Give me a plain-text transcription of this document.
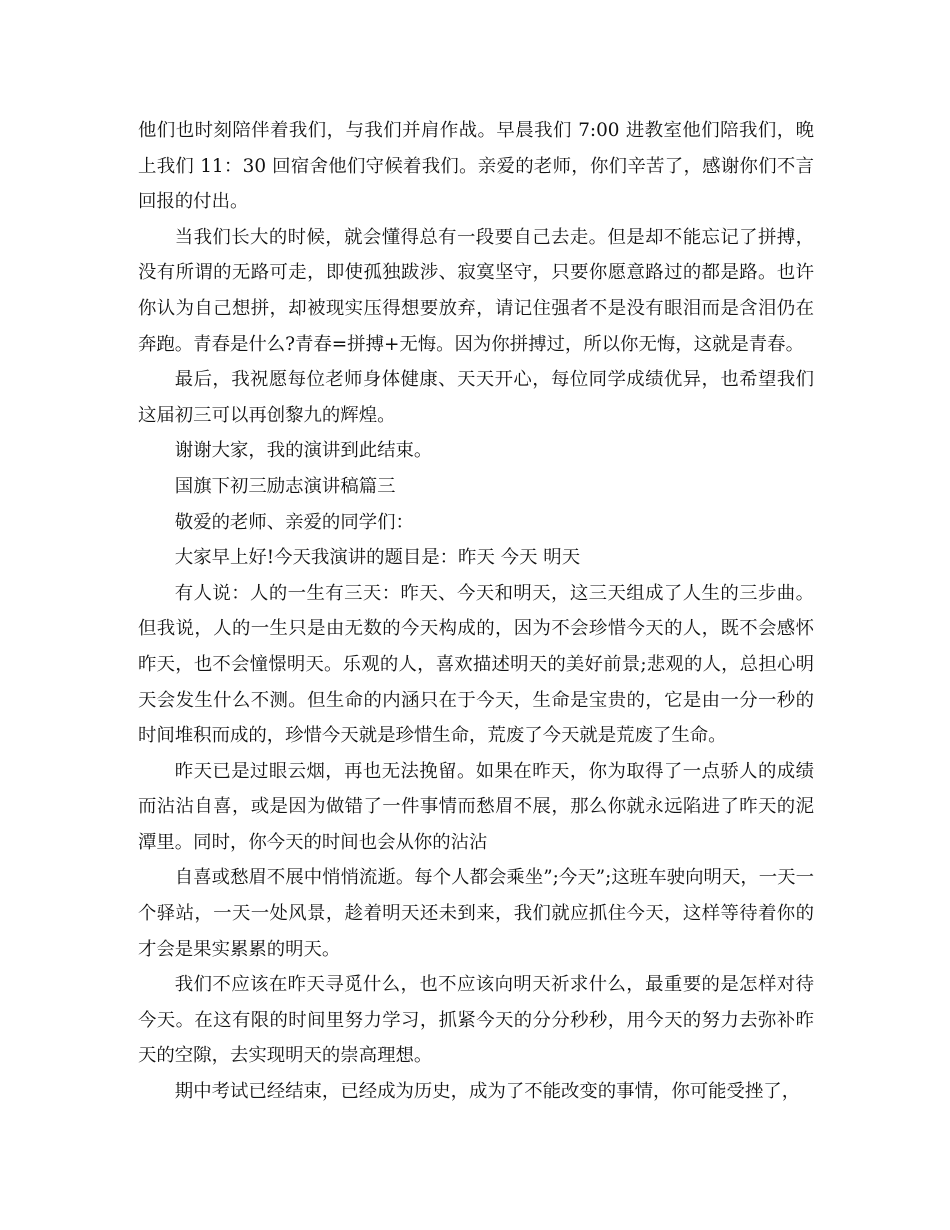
他们也时刻陪伴着我们，与我们并肩作战。早晨我们 7:00 进教室他们陪我们，晚上我们 11：30 回宿舍他们守候着我们。亲爱的老师，你们辛苦了，感谢你们不言回报的付出。

当我们长大的时候，就会懂得总有一段要自己去走。但是却不能忘记了拼搏，没有所谓的无路可走，即使孤独跋涉、寂寞坚守，只要你愿意路过的都是路。也许你认为自己想拼，却被现实压得想要放弃，请记住强者不是没有眼泪而是含泪仍在奔跑。青春是什么?青春=拼搏+无悔。因为你拼搏过，所以你无悔，这就是青春。

最后，我祝愿每位老师身体健康、天天开心，每位同学成绩优异，也希望我们这届初三可以再创黎九的辉煌。

谢谢大家，我的演讲到此结束。

国旗下初三励志演讲稿篇三

敬爱的老师、亲爱的同学们：

大家早上好!今天我演讲的题目是：昨天 今天 明天

有人说：人的一生有三天：昨天、今天和明天，这三天组成了人生的三步曲。但我说，人的一生只是由无数的今天构成的，因为不会珍惜今天的人，既不会感怀昨天，也不会憧憬明天。乐观的人，喜欢描述明天的美好前景;悲观的人，总担心明天会发生什么不测。但生命的内涵只在于今天，生命是宝贵的，它是由一分一秒的时间堆积而成的，珍惜今天就是珍惜生命，荒废了今天就是荒废了生命。

昨天已是过眼云烟，再也无法挽留。如果在昨天，你为取得了一点骄人的成绩而沾沾自喜，或是因为做错了一件事情而愁眉不展，那么你就永远陷进了昨天的泥潭里。同时，你今天的时间也会从你的沾沾

自喜或愁眉不展中悄悄流逝。每个人都会乘坐”;今天”;这班车驶向明天，一天一个驿站，一天一处风景，趁着明天还未到来，我们就应抓住今天，这样等待着你的才会是果实累累的明天。

我们不应该在昨天寻觅什么，也不应该向明天祈求什么，最重要的是怎样对待今天。在这有限的时间里努力学习，抓紧今天的分分秒秒，用今天的努力去弥补昨天的空隙，去实现明天的崇高理想。

期中考试已经结束，已经成为历史，成为了不能改变的事情，你可能受挫了，
